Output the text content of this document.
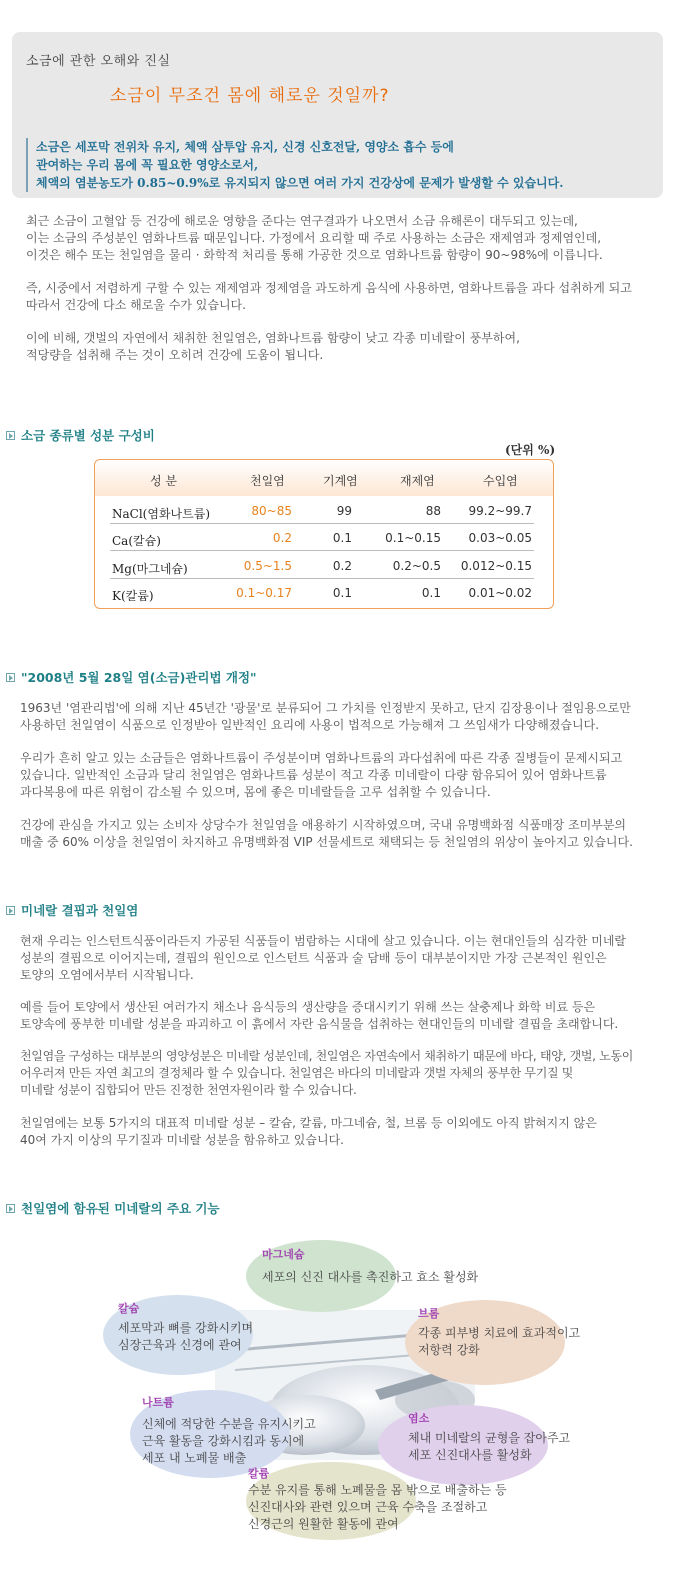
소금에 관한 오해와 진실
소금이 무조건 몸에 해로운 것일까?
소금은 세포막 전위차 유지, 체액 삼투압 유지, 신경 신호전달, 영양소 흡수 등에
관여하는 우리 몸에 꼭 필요한 영양소로서,
체액의 염분농도가 0.85~0.9%로 유지되지 않으면 여러 가지 건강상에 문제가 발생할 수 있습니다.
최근 소금이 고혈압 등 건강에 해로운 영향을 준다는 연구결과가 나오면서 소금 유해론이 대두되고 있는데,
이는 소금의 주성분인 염화나트륨 때문입니다. 가정에서 요리할 때 주로 사용하는 소금은 재제염과 정제염인데,
이것은 해수 또는 천일염을 물리 · 화학적 처리를 통해 가공한 것으로 염화나트륨 함량이 90~98%에 이릅니다.
즉, 시중에서 저렴하게 구할 수 있는 재제염과 정제염을 과도하게 음식에 사용하면, 염화나트륨을 과다 섭취하게 되고
따라서 건강에 다소 해로울 수가 있습니다.
이에 비해, 갯벌의 자연에서 채취한 천일염은, 염화나트륨 함량이 낮고 각종 미네랄이 풍부하여,
적당량을 섭취해 주는 것이 오히려 건강에 도움이 됩니다.
소금 종류별 성분 구성비
(단위 %)
성 분	천일염	기계염	재제염	수입염
NaCl(염화나트륨)	80~85	99	88	99.2~99.7
Ca(칼슘)	0.2	0.1	0.1~0.15	0.03~0.05
Mg(마그네슘)	0.5~1.5	0.2	0.2~0.5	0.012~0.15
K(칼륨)	0.1~0.17	0.1	0.1	0.01~0.02
"2008년 5월 28일 염(소금)관리법 개정"
1963년 '염관리법'에 의해 지난 45년간 '광물'로 분류되어 그 가치를 인정받지 못하고, 단지 김장용이나 절임용으로만
사용하던 천일염이 식품으로 인정받아 일반적인 요리에 사용이 법적으로 가능해져 그 쓰임새가 다양해졌습니다.
우리가 흔히 알고 있는 소금들은 염화나트륨이 주성분이며 염화나트륨의 과다섭취에 따른 각종 질병들이 문제시되고
있습니다. 일반적인 소금과 달리 천일염은 염화나트륨 성분이 적고 각종 미네랄이 다량 함유되어 있어 염화나트륨
과다복용에 따른 위험이 감소될 수 있으며, 몸에 좋은 미네랄들을 고루 섭취할 수 있습니다.
건강에 관심을 가지고 있는 소비자 상당수가 천일염을 애용하기 시작하였으며, 국내 유명백화점 식품매장 조미부분의
매출 중 60% 이상을 천일염이 차지하고 유명백화점 VIP 선물세트로 채택되는 등 천일염의 위상이 높아지고 있습니다.
미네랄 결핍과 천일염
현재 우리는 인스턴트식품이라든지 가공된 식품들이 범람하는 시대에 살고 있습니다. 이는 현대인들의 심각한 미네랄
성분의 결핍으로 이어지는데, 결핍의 원인으로 인스턴트 식품과 술 담배 등이 대부분이지만 가장 근본적인 원인은
토양의 오염에서부터 시작됩니다.
예를 들어 토양에서 생산된 여러가지 채소나 음식등의 생산량을 증대시키기 위해 쓰는 살충제나 화학 비료 등은
토양속에 풍부한 미네랄 성분을 파괴하고 이 흙에서 자란 음식물을 섭취하는 현대인들의 미네랄 결핍을 초래합니다.
천일염을 구성하는 대부분의 영양성분은 미네랄 성분인데, 천일염은 자연속에서 채취하기 때문에 바다, 태양, 갯벌, 노동이
어우러져 만든 자연 최고의 결정체라 할 수 있습니다. 천일염은 바다의 미네랄과 갯벌 자체의 풍부한 무기질 및
미네랄 성분이 집합되어 만든 진정한 천연자원이라 할 수 있습니다.
천일염에는 보통 5가지의 대표적 미네랄 성분 – 칼슘, 칼륨, 마그네슘, 철, 브롬 등 이외에도 아직 밝혀지지 않은
40여 가지 이상의 무기질과 미네랄 성분을 함유하고 있습니다.
천일염에 함유된 미네랄의 주요 기능
마그네슘
세포의 신진 대사를 촉진하고 효소 활성화
칼슘
세포막과 뼈를 강화시키며
심장근육과 신경에 관여
브롬
각종 피부병 치료에 효과적이고
저항력 강화
나트륨
신체에 적당한 수분을 유지시키고
근육 활동을 강화시킴과 동시에
세포 내 노폐물 배출
염소
체내 미네랄의 균형을 잡아주고
세포 신진대사를 활성화
칼륨
수분 유지를 통해 노폐물을 몸 밖으로 배출하는 등
신진대사와 관련 있으며 근육 수축을 조절하고
신경근의 원활한 활동에 관여
